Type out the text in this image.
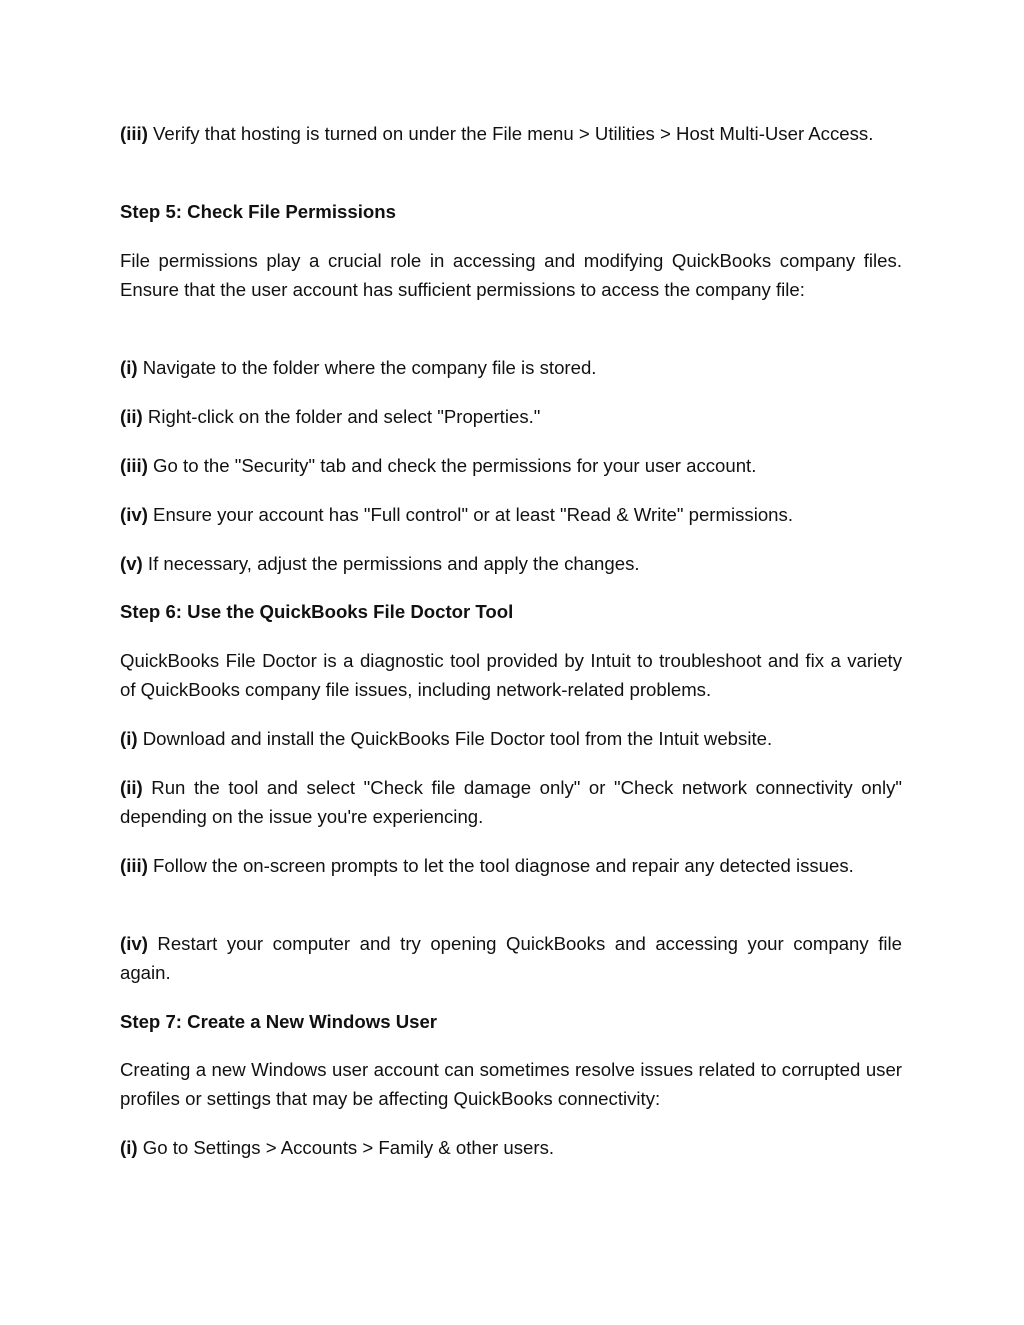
(iii) Verify that hosting is turned on under the File menu > Utilities > Host Multi-User Access.

Step 5: Check File Permissions

File permissions play a crucial role in accessing and modifying QuickBooks company files. Ensure that the user account has sufficient permissions to access the company file:

(i) Navigate to the folder where the company file is stored.

(ii) Right-click on the folder and select "Properties."

(iii) Go to the "Security" tab and check the permissions for your user account.

(iv) Ensure your account has "Full control" or at least "Read & Write" permissions.

(v) If necessary, adjust the permissions and apply the changes.

Step 6: Use the QuickBooks File Doctor Tool

QuickBooks File Doctor is a diagnostic tool provided by Intuit to troubleshoot and fix a variety of QuickBooks company file issues, including network-related problems.

(i) Download and install the QuickBooks File Doctor tool from the Intuit website.

(ii) Run the tool and select "Check file damage only" or "Check network connectivity only" depending on the issue you're experiencing.

(iii) Follow the on-screen prompts to let the tool diagnose and repair any detected issues.

(iv) Restart your computer and try opening QuickBooks and accessing your company file again.

Step 7: Create a New Windows User

Creating a new Windows user account can sometimes resolve issues related to corrupted user profiles or settings that may be affecting QuickBooks connectivity:

(i) Go to Settings > Accounts > Family & other users.
